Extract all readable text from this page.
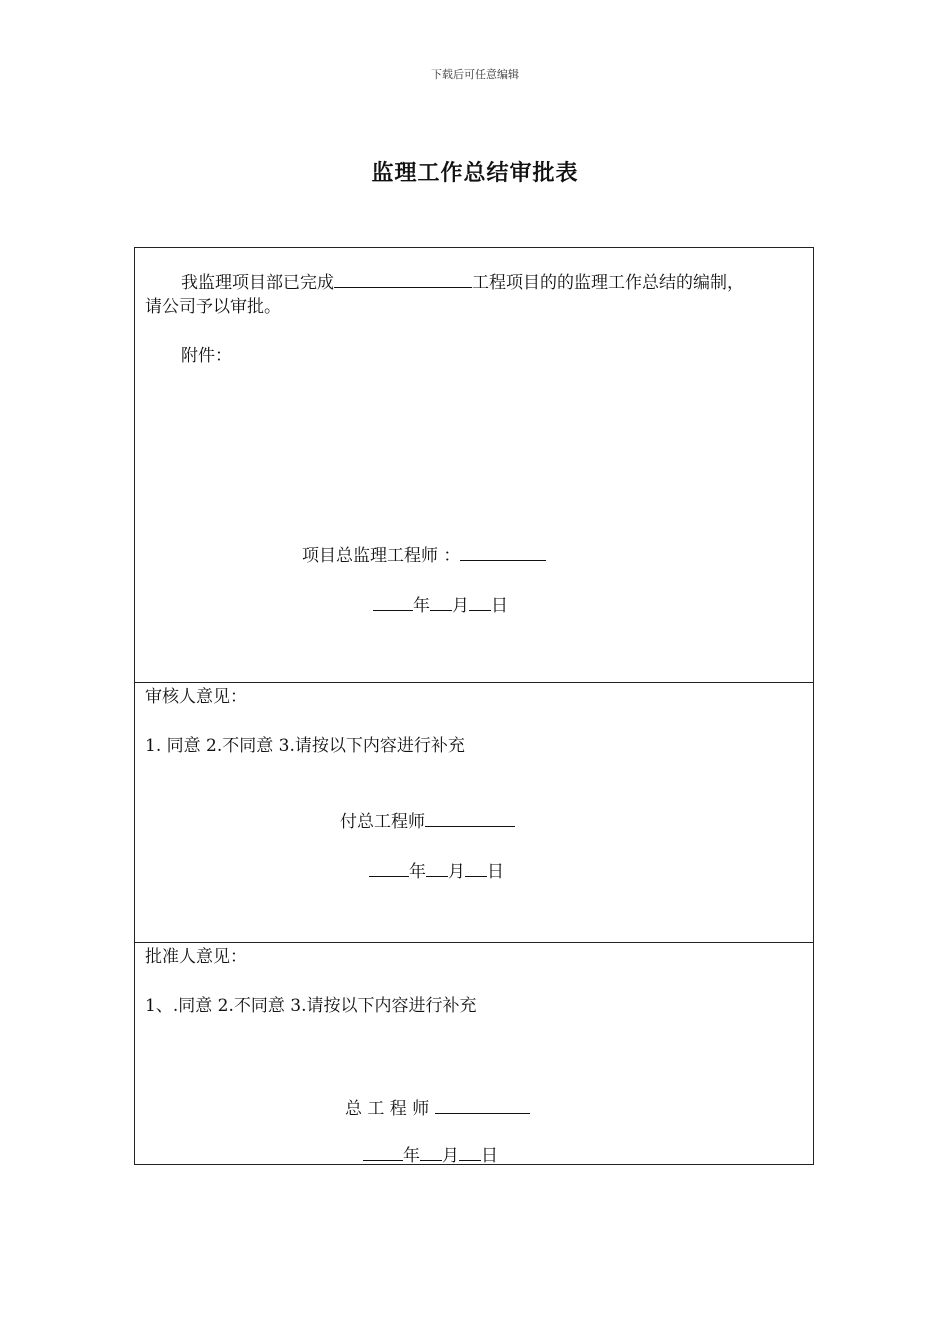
下载后可任意编辑
监理工作总结审批表
我监理项目部已完成	工程项目的的监理工作总结的编制，
请公司予以审批。
附件：
项目总监理工程师 ：
年 月 日
审核人意见：
1. 同意 2.不同意 3.请按以下内容进行补充
付总工程师
年 月 日
批准人意见：
1、.同意 2.不同意 3.请按以下内容进行补充
总 工 程 师
年 月 日
